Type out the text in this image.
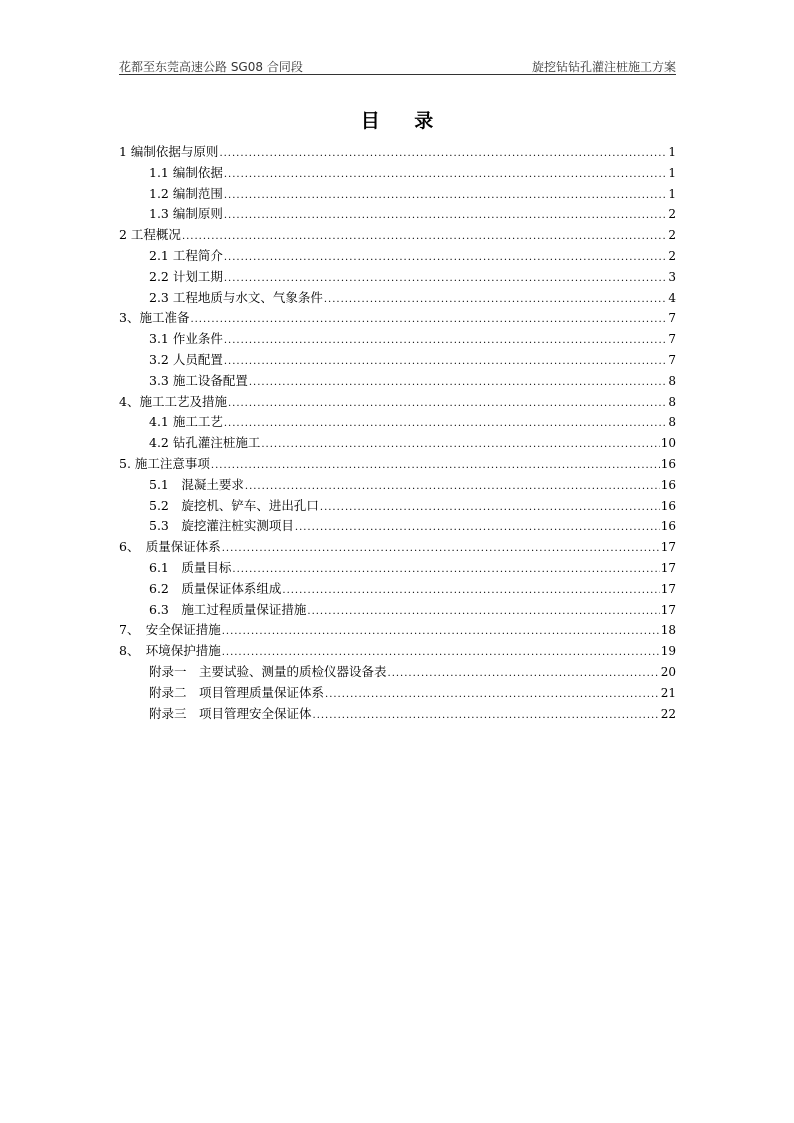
花都至东莞高速公路 SG08 合同段	旋挖钻钻孔灌注桩施工方案
目 录
1 编制依据与原则 .....	1
1.1 编制依据 .....	1
1.2 编制范围 .....	1
1.3 编制原则 .....	2
2 工程概况 .....	2
2.1 工程简介 .....	2
2.2 计划工期 .....	3
2.3 工程地质与水文、气象条件 .....	4
3、施工准备 .....	7
3.1 作业条件 .....	7
3.2 人员配置 .....	7
3.3 施工设备配置 .....	8
4、施工工艺及措施 .....	8
4.1 施工工艺 .....	8
4.2 钻孔灌注桩施工 .....	10
5. 施工注意事项 .....	16
5.1　混凝土要求 .....	16
5.2　旋挖机、铲车、进出孔口 .....	16
5.3　旋挖灌注桩实测项目 .....	16
6、　质量保证体系 .....	17
6.1　质量目标 .....	17
6.2　质量保证体系组成 .....	17
6.3　施工过程质量保证措施 .....	17
7、　安全保证措施 .....	18
8、　环境保护措施 .....	19
附录一　主要试验、测量的质检仪器设备表 .....	20
附录二　项目管理质量保证体系 .....	21
附录三　项目管理安全保证体 .....	22
